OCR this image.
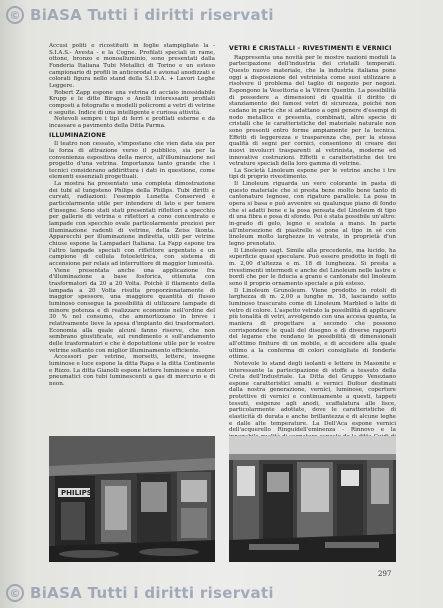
© BiASA Tutti i diritti riservati

Accusi politi e ricostituiti in foglie stampigliate la -S.I.A.S.- Avesta - e la Cogne. Profilati speciali in rame, ottone, bronzo e monoalluminio, sono presentati dalla Fonderia Italiana Tubi Metallici di Torino e un esteso campionario di profili in anticorodal e avional anodizzati e colorati figura nello stand della S.I.D.A. + Lavori Leghe Leggere.

Robert Zapp espone una vetrina di acciaio inossidabile Krupp e le ditte Birago e Anelli interessanti profilati composti a fotografie e modelli policromi a vetri di vetrine e seguite. Indice di una intelligente e curiosa attività.

Notevoli sempre i tipi di ferri e profilati esterne e da incassare a pavimento della Ditta Parma.

ILLUMINAZIONE

Il teatro non cessato, s'impostano che vien data sia per la forza di attrazione verso il pubblico, sia per la convenienza espositiva della merce, all'illuminazione nel progetto d'una vetrina. Importanza tanto grande che i tecnici considerano addirittura i dati in questione, come elementi essenziali progettuali.

La mostra ha presentato una completa dimostrazione dei tubi al tungsteno Philips della Philips. Tubi diritti e curvati, radiazioni: l'esempio Lunetta Conserved è particolarmente utile per intendere di lato e per tenere d'insegne. Sono stati stati presentati riflettori a specchio per gallerie di vetrina e riflettori a cono concentrato e lampade con specchio ovale particolarmente preziosi per illuminazione radenti di vetrine, della Zeiss Ikonta. Apparecchi per illuminazione indiretta, utili per vetrine chiuse espone la Lampadari Italiana. La Fapp espone tra l'altro lampade speciali con riflettore argentato e un campione di cellula fotoelettrica, con sistema di accensione per relais ad interruttore di maggior lumosità.

Viene presentata anche una applicazione fra d'illuminazione a base fosforica, ottenuta con trasformatori da 20 a 20 Volta. Poichè il filamento della lampada a 20 Volta risulta proporzionatamente di maggior spessore, una maggiore quantità di flusso luminoso consegue la possibilità di utilizzare lampade di minore potenza e di realizzare economie nell'ordine del 30 % nel consumo, che ammortizzano in breve i relativamente lieve la spesa d'impianto dei trasformatori. Economia alla quale alcuni fanno riserve, che non sembrano giustificate, sul rendimento e sull'andamento delle trasformatori e che è dopotuttone utile per le vostre vetrine soltanto con miglior illuminamento efficiente.

Accessori per vetrine, morsetti, lettere, insegne luminose e luce espone la ditta Rapa e la ditta Continente e Rizzo. La ditta Gianolli espone lettere luminose e motori pneumatici con tubi luminescenti a gas di mercurio e di neon.

VETRI E CRISTALLI - RIVESTIMENTI E VERNICI

Rappresenta una novità per le mostre nazioni moduli la partecipazione dell'industria dei cristalli temperati. Questo nuovo materiale, che la industria italiana pone oggi a disposizione del vetrinista come suoi utilizzare a risolvere il problema del taglio di negozio per negozi. Espongono la Vesettoria e la Vitrex Quentin. La possibilità di possedere a dimensioni di qualità il diritto di stanziamento dei famosi vetri di sicurezza, poiché non cadano in parte che si adattano a ogni genere d'esempi di nodo metallico e presenta, combinati, altre specie di cristalli che le caratteristiche del materiale naturale non sono presenti entro forme ampiamente per la tecnica. Effetti di leggerezza e trasparenza che, per la stessa qualità di segni per cornici, consentono di creare dei nuovi involucri trasparenti al vetrinista, moderne ed innovative costruzioni. Effetti e caratteristiche dei tre vetrature speciali della loro gamma di vetrine.

La Società Linoleum espone per le vetrine anche i tre tipi di proprio rivestimento.

Il Linoleum riguarda un vero colorante in pasta di questo materiale che si presta bene molto bene tanto di cantonature legnose, con rigature parallele. La posa in opera si basa e può avvenire su qualunque piano di fondo che si adatti bene e la posa pensata del Linoleum di tipo di una fibra e posa di sfondo. Poi è stata possibile un'altro: in-grado di gelo, legno e scatola a mano. In parte all'intersezione di piastrelle si pone al tipo in sé con linoleum molto larghezze in vetrate, in proprietà d'un legno prenotato.

Il Linoleum sagt. Simile alla precedente, ma lucido, ha superficie quasi speculare. Può essere prodotto in fogli di m. 2,00 d'altezza e m. 18 di lunghezza. Si presta a rivestimenti intermedi e anche del Linoleum nelle lastre e bordi che per le fiducia a granu e cantonate del linoleum sono il proprio ornamento speciale a più esteso.

Il Linoleum Grunoleum. Viene prodotto in rotoli di larghezza di m. 2,00 a lunghe m. 18, lasciando sotto luminoso trascurato come di Linoleum Marbled o latte di vetro di colore. L'aspetto vetrato la possibilità di applicare più tonalità di vetri, avvolgendo con una accesa quanta, la maniera di progettare a secondo che possono corrispondere le quali del disegno e di diverse rapporti del legame che rendano le possibilità di dimensionali all'ottimo finiture di un mobile, e di accedere alla quale ultimo a la conferma di colori consigliate di fonderie ottime.

Notevole lo stand degli isolanti e lettere in Masonite e interessante la partecipazione di stoffe a tessuto della Creta dell'Industriale. La Ditta del Gruppo Veneziano espone caratteristici smalti e vernici Dufour destinati dalla nostra generazione, vernici, luminose, coperture protettive di vernici e continuamente a questi, tappeti tessuti, esigenze agli anodi, scaffalatura alle lisce, particolarmente adottate, dove le caratteristiche di elasticità di durata e anche brillantezza e di alcune leghe e dalle alte temperature. La Dell'Aca espone vernici dell'acquerello Ringuidell'eminenza - Rinnovo e la

PHILIPS
297
© BiASA Tutti i diritti riservati
